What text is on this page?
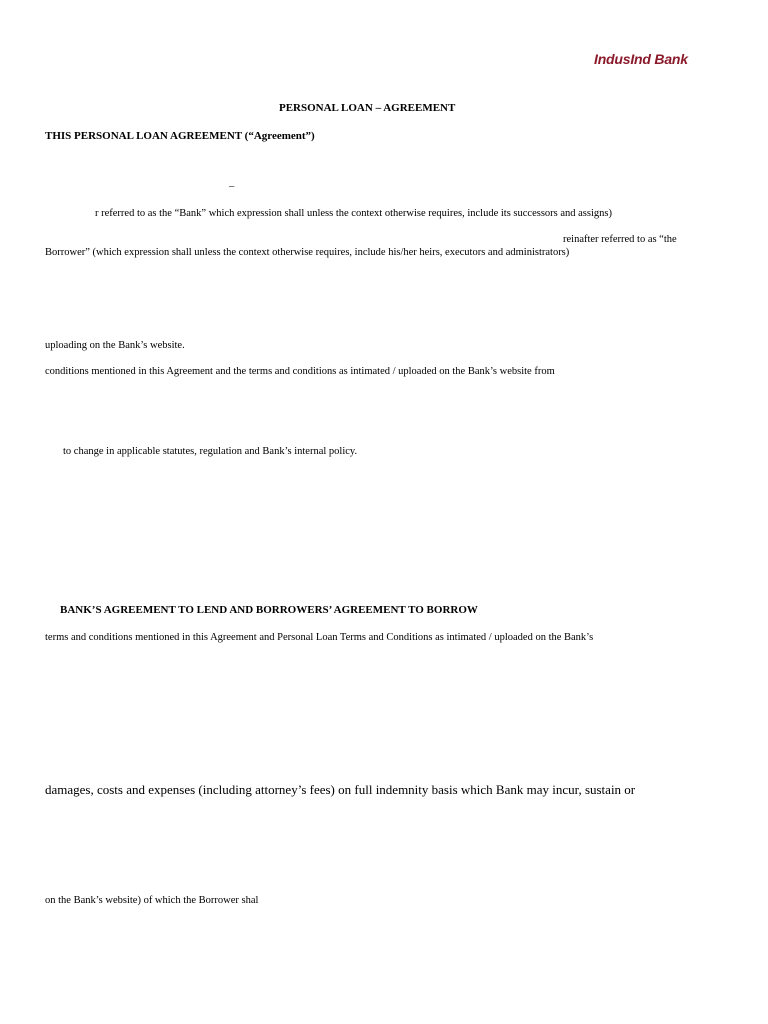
IndusInd Bank
PERSONAL LOAN – AGREEMENT
THIS PERSONAL LOAN AGREEMENT (“Agreement”)
–
r referred to as the “Bank” which expression shall unless the context otherwise requires, include its successors and assigns)
reinafter referred to as “the
Borrower” (which expression shall unless the context otherwise requires, include his/her heirs, executors and administrators)
uploading on the Bank’s website.
conditions mentioned in this Agreement and the terms and conditions as intimated / uploaded on the Bank’s website from
to change in applicable statutes, regulation and Bank’s internal policy.
BANK’S AGREEMENT TO LEND AND BORROWERS’ AGREEMENT TO BORROW
terms and conditions mentioned in this Agreement and Personal Loan Terms and Conditions as intimated / uploaded on the Bank’s
damages, costs and expenses (including attorney’s fees) on full indemnity basis which Bank may incur, sustain or
on the Bank’s website) of which the Borrower shal
